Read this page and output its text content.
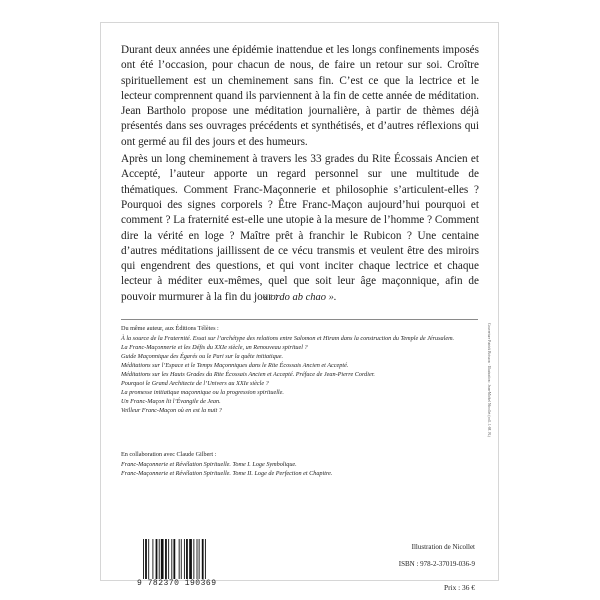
Durant deux années une épidémie inattendue et les longs confinements imposés ont été l’occasion, pour chacun de nous, de faire un retour sur soi. Croître spirituellement est un cheminement sans fin. C’est ce que la lectrice et le lecteur comprennent quand ils parviennent à la fin de cette année de méditation. Jean Bartholo propose une méditation journalière, à partir de thèmes déjà présentés dans ses ouvrages précédents et synthétisés, et d’autres réflexions qui ont germé au fil des jours et des humeurs.

Après un long cheminement à travers les 33 grades du Rite Écossais Ancien et Accepté, l’auteur apporte un regard personnel sur une multitude de thématiques. Comment Franc-Maçonnerie et philosophie s’articulent-elles ? Pourquoi des signes corporels ? Être Franc-Maçon aujourd’hui pourquoi et comment ? La fraternité est-elle une utopie à la mesure de l’homme ? Comment dire la vérité en loge ? Maître prêt à franchir le Rubicon ? Une centaine d’autres méditations jaillissent de ce vécu transmis et veulent être des miroirs qui engendrent des questions, et qui vont inciter chaque lectrice et chaque lecteur à méditer eux-mêmes, quel que soit leur âge maçonnique, afin de pouvoir murmurer à la fin du jour :

« ordo ab chao ».
Du même auteur, aux Éditions Télètes :
À la source de la Fraternité. Essai sur l’archétype des relations entre Salomon et Hiram dans la construction du Temple de Jérusalem.
La Franc-Maçonnerie et les Défis du XXIe siècle, un Renouveau spirituel ?
Guide Maçonnique des Égarés ou le Pari sur la quête initiatique.
Méditations sur l’Espace et le Temps Maçonniques dans le Rite Écossais Ancien et Accepté.
Méditations sur les Hauts Grades du Rite Écossais Ancien et Accepté. Préface de Jean-Pierre Cordier.
Pourquoi le Grand Architecte de l’Univers au XXIe siècle ?
La promesse initiatique maçonnique ou la progression spirituelle.
Un Franc-Maçon lit l’Évangile de Jean.
Veilleur Franc-Maçon où en est la nuit ?
En collaboration avec Claude Gilbert :
Franc-Maçonnerie et Révélation Spirituelle. Tome I. Loge Symbolique.
Franc-Maçonnerie et Révélation Spirituelle. Tome II. Loge de Perfection et Chapitre.
9 782370 190369
Illustration de Nicollet
ISBN : 978-2-37019-036-9
Prix : 36 €
Couverture Patrick Boisson · Illustration : Jean-Michel Nicollet (coll. J.-M. N.)
